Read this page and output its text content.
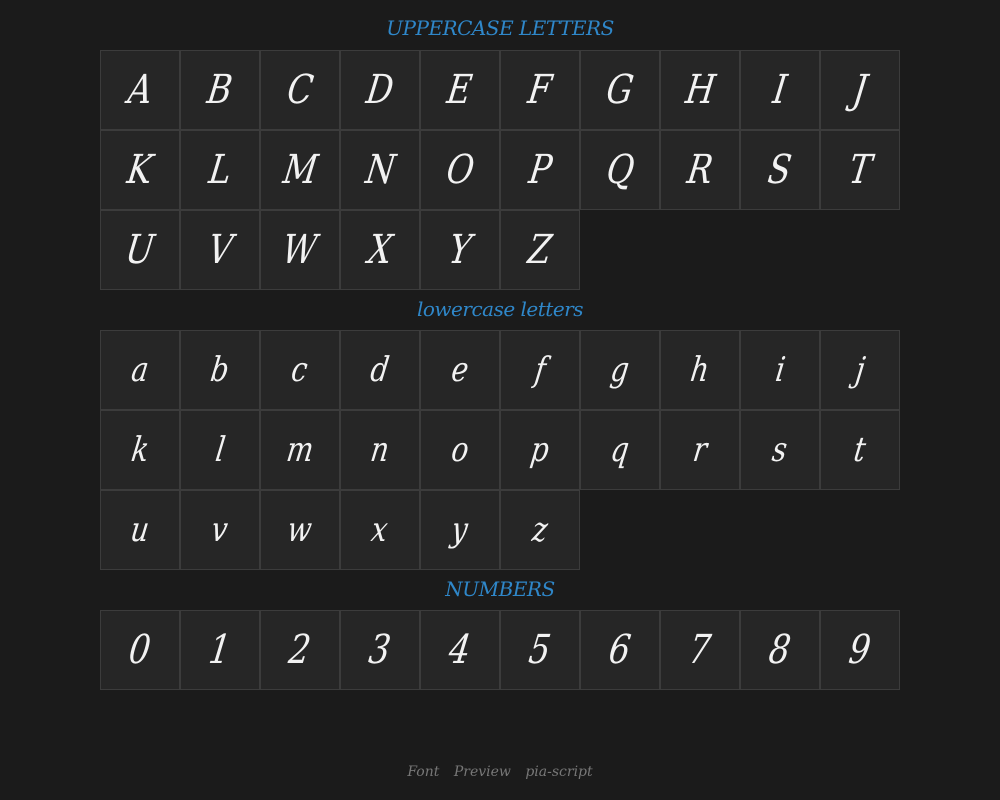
UPPERCASE LETTERS
A B C D E F G H I J
K L M N O P Q R S T
U V W X Y Z
lowercase letters
a b c d e f g h i j
k l m n o p q r s t
u v w x y z
NUMBERS
0 1 2 3 4 5 6 7 8 9
Font Preview pia-script
